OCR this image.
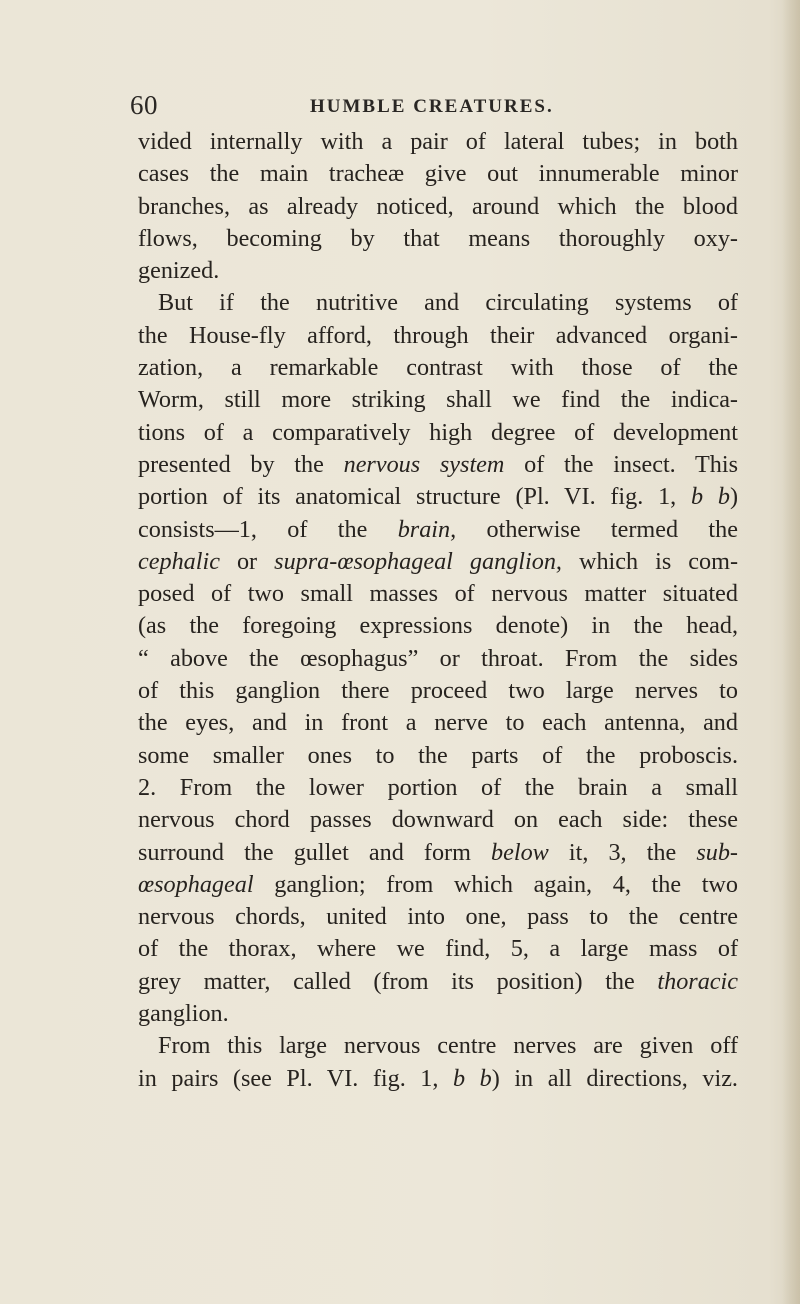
60	HUMBLE CREATURES.
vided internally with a pair of lateral tubes; in both
cases the main tracheæ give out innumerable minor
branches, as already noticed, around which the blood
flows, becoming by that means thoroughly oxy-
genized.
But if the nutritive and circulating systems of
the House-fly afford, through their advanced organi-
zation, a remarkable contrast with those of the
Worm, still more striking shall we find the indica-
tions of a comparatively high degree of development
presented by the nervous system of the insect. This
portion of its anatomical structure (Pl. VI. fig. 1, b b)
consists—1, of the brain, otherwise termed the
cephalic or supra-œsophageal ganglion, which is com-
posed of two small masses of nervous matter situated
(as the foregoing expressions denote) in the head,
“ above the œsophagus” or throat. From the sides
of this ganglion there proceed two large nerves to
the eyes, and in front a nerve to each antenna, and
some smaller ones to the parts of the proboscis.
2. From the lower portion of the brain a small
nervous chord passes downward on each side: these
surround the gullet and form below it, 3, the sub-
œsophageal ganglion; from which again, 4, the two
nervous chords, united into one, pass to the centre
of the thorax, where we find, 5, a large mass of
grey matter, called (from its position) the thoracic
ganglion.
From this large nervous centre nerves are given off
in pairs (see Pl. VI. fig. 1, b b) in all directions, viz.
